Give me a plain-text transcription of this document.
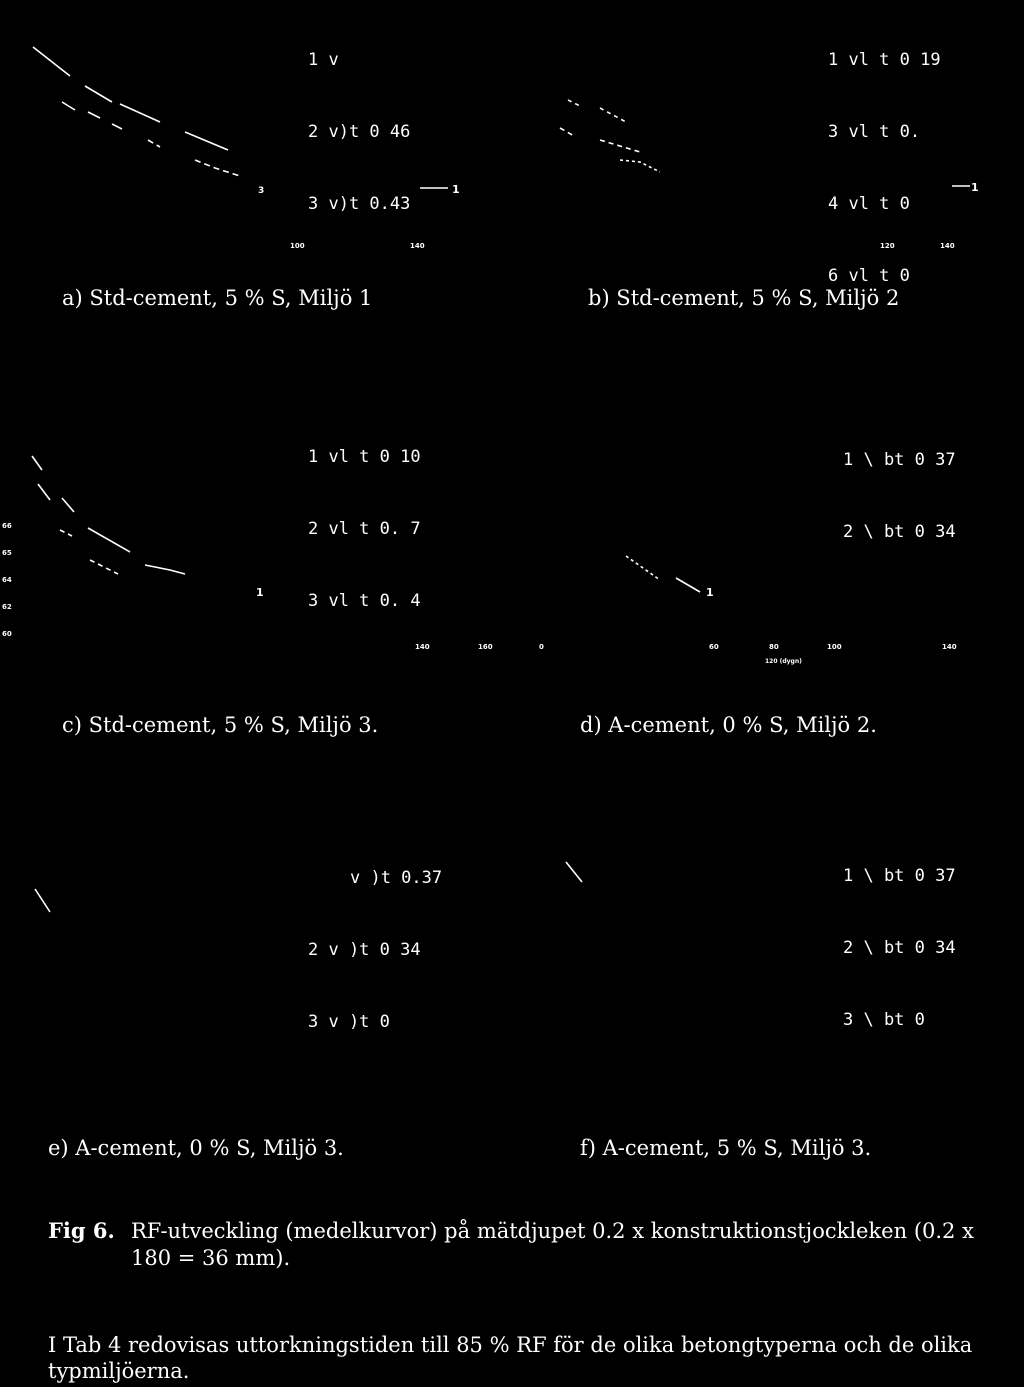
1 v

2 v)t 0 46

3 v)t 0.43

3	1
100	140
a) Std-cement, 5 % S, Miljö 1

1 vl t 0 19

3 vl t 0.

4 vl t 0

6 vl t 0

1
120	140
b) Std-cement, 5 % S, Miljö 2

1 vl t 0 10

2 vl t 0. 7

3 vl t 0. 4

66
65
64
62
60
1
140	160	0
c) Std-cement, 5 % S, Miljö 3.

1 \ bt 0 37

2 \ bt 0 34

1
60	80	100	140
120 (dygn)
d) A-cement, 0 % S, Miljö 2.

v )t 0.37

2 v )t 0 34

3 v )t 0

e) A-cement, 0 % S, Miljö 3.

1 \ bt 0 37

2 \ bt 0 34

3 \ bt 0

f) A-cement, 5 % S, Miljö 3.
Fig 6. RF-utveckling (medelkurvor) på mätdjupet 0.2 x konstruktionstjockleken (0.2 x 180 = 36 mm).
I Tab 4 redovisas uttorkningstiden till 85 % RF för de olika betongtyperna och de olika typmiljöerna.
